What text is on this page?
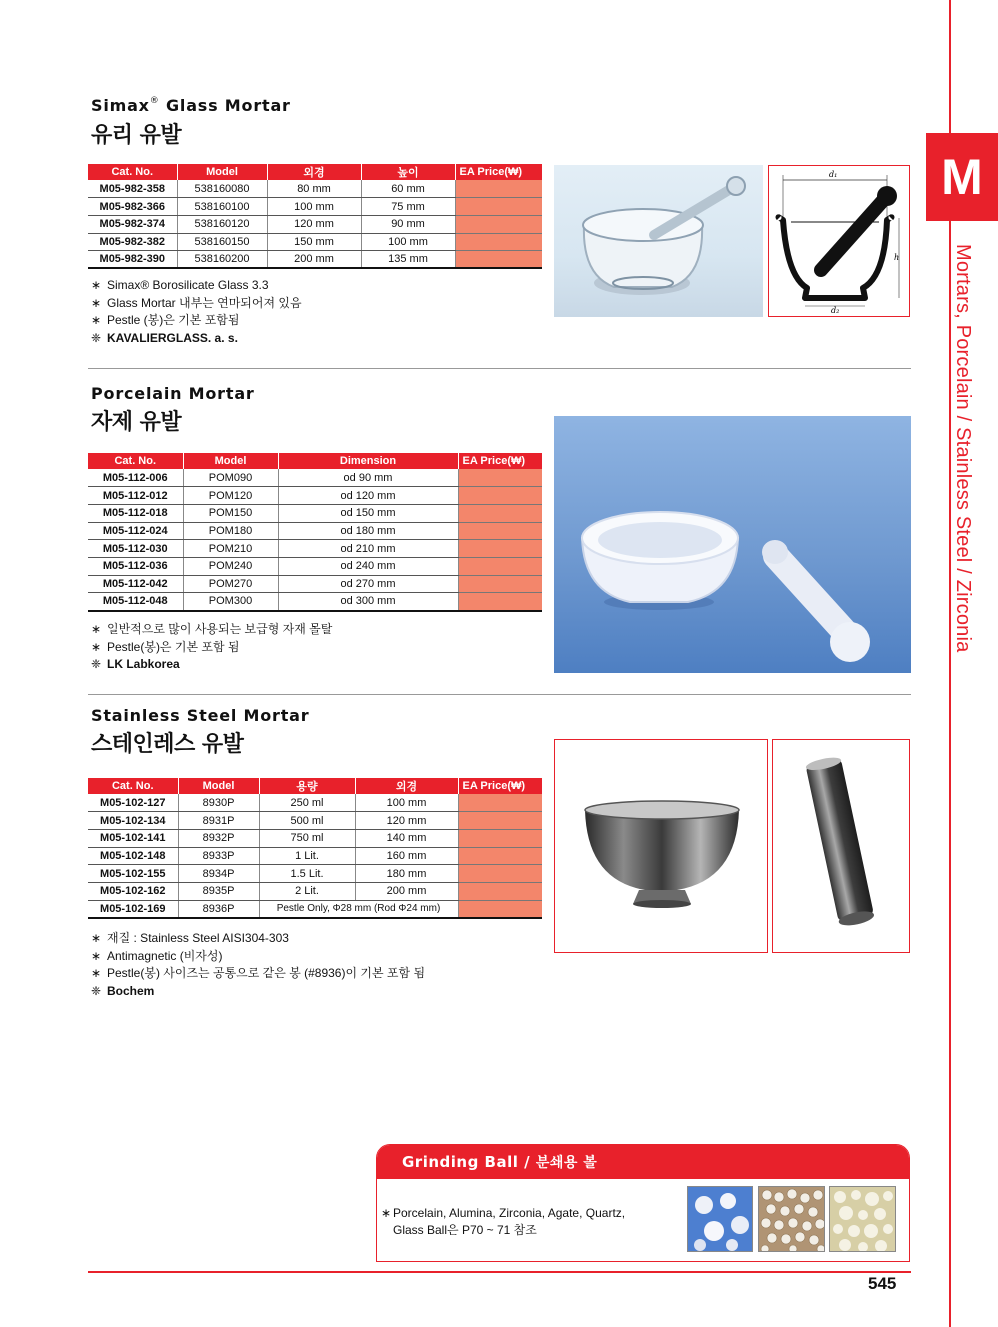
M
Mortars, Porcelain / Stainless Steel / Zirconia
Simax® Glass Mortar
유리 유발
Cat. No.	Model	외경	높이	EA Price(₩)
M05-982-358	538160080	80 mm	60 mm	
M05-982-366	538160100	100 mm	75 mm	
M05-982-374	538160120	120 mm	90 mm	
M05-982-382	538160150	150 mm	100 mm	
M05-982-390	538160200	200 mm	135 mm	
∗ Simax® Borosilicate Glass 3.3
∗ Glass Mortar 내부는 연마되어져 있음
∗ Pestle (봉)은 기본 포함됨
❈ KAVALIERGLASS. a. s.
d₁
h
d₂
Porcelain Mortar
자제 유발
Cat. No.	Model	Dimension	EA Price(₩)
M05-112-006	POM090	od 90 mm	
M05-112-012	POM120	od 120 mm	
M05-112-018	POM150	od 150 mm	
M05-112-024	POM180	od 180 mm	
M05-112-030	POM210	od 210 mm	
M05-112-036	POM240	od 240 mm	
M05-112-042	POM270	od 270 mm	
M05-112-048	POM300	od 300 mm	
∗ 일반적으로 많이 사용되는 보급형 자재 몰탈
∗ Pestle(봉)은 기본 포함 됨
❈ LK Labkorea
Stainless Steel Mortar
스테인레스 유발
Cat. No.	Model	용량	외경	EA Price(₩)
M05-102-127	8930P	250 ml	100 mm	
M05-102-134	8931P	500 ml	120 mm	
M05-102-141	8932P	750 ml	140 mm	
M05-102-148	8933P	1 Lit.	160 mm	
M05-102-155	8934P	1.5 Lit.	180 mm	
M05-102-162	8935P	2 Lit.	200 mm	
M05-102-169	8936P	Pestle Only, Φ28 mm (Rod Φ24 mm)		
∗ 재질 : Stainless Steel AISI304-303
∗ Antimagnetic (비자성)
∗ Pestle(봉) 사이즈는 공통으로 같은 봉 (#8936)이 기본 포함 됨
❈ Bochem
Grinding Ball / 분쇄용 볼
∗ Porcelain, Alumina, Zirconia, Agate, Quartz,
Glass Ball은 P70 ~ 71 참조
545
